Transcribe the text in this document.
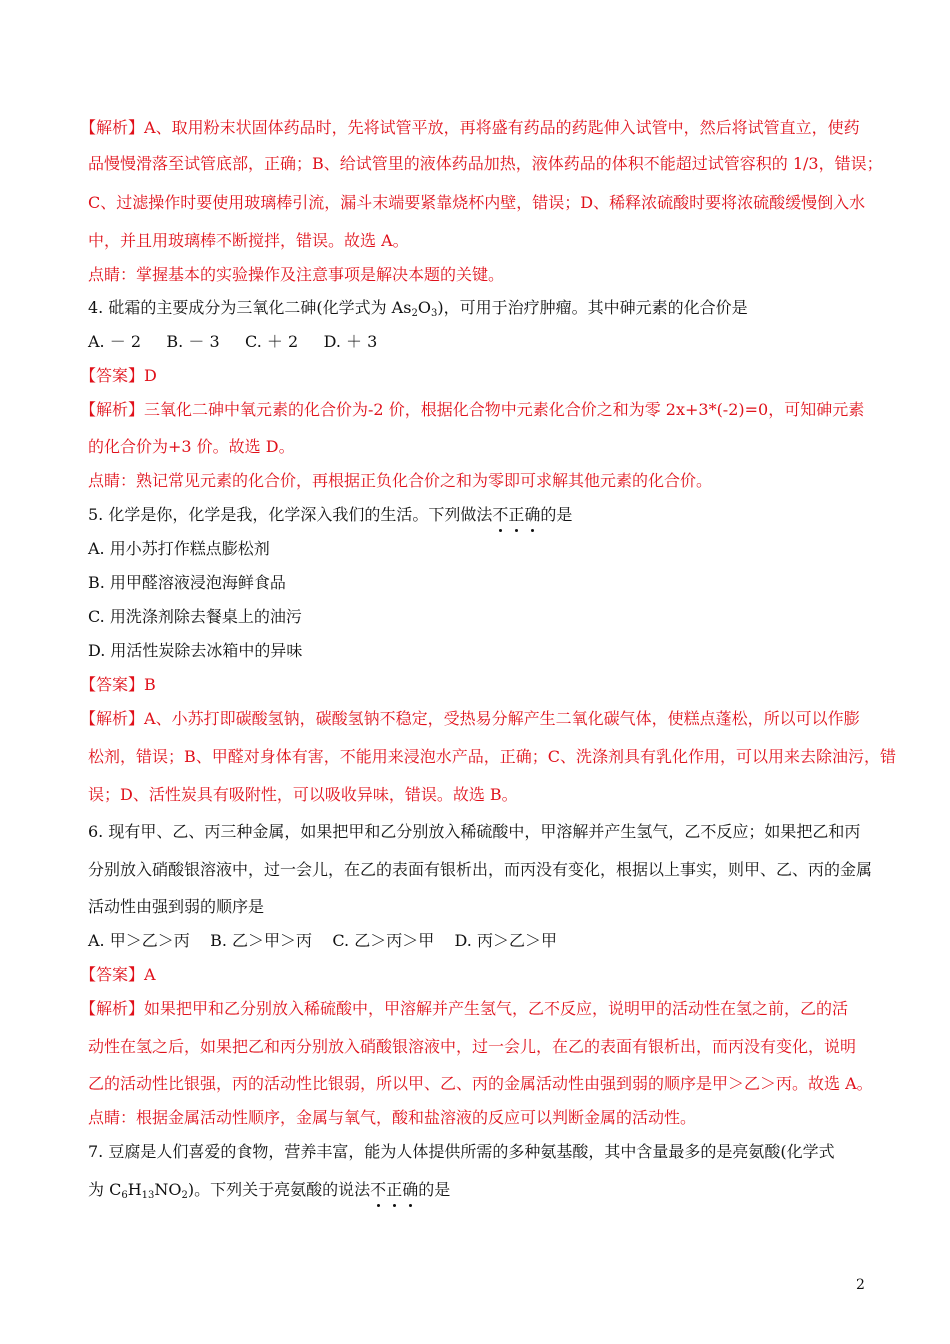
【解析】A、取用粉末状固体药品时，先将试管平放，再将盛有药品的药匙伸入试管中，然后将试管直立，使药
品慢慢滑落至试管底部，正确；B、给试管里的液体药品加热，液体药品的体积不能超过试管容积的 1/3，错误；
C、过滤操作时要使用玻璃棒引流，漏斗末端要紧靠烧杯内壁，错误；D、稀释浓硫酸时要将浓硫酸缓慢倒入水
中，并且用玻璃棒不断搅拌，错误。故选 A。
点睛：掌握基本的实验操作及注意事项是解决本题的关键。
4. 砒霜的主要成分为三氧化二砷(化学式为 $As_2O_3$)，可用于治疗肿瘤。其中砷元素的化合价是
A. － 2     B. － 3     C. ＋ 2     D. ＋ 3
【答案】D
【解析】三氧化二砷中氧元素的化合价为-2 价，根据化合物中元素化合价之和为零 2x+3*(-2)=0，可知砷元素
的化合价为+3 价。故选 D。
点睛：熟记常见元素的化合价，再根据正负化合价之和为零即可求解其他元素的化合价。
5. 化学是你，化学是我，化学深入我们的生活。下列做法不正确的是
A. 用小苏打作糕点膨松剂
B. 用甲醛溶液浸泡海鲜食品
C. 用洗涤剂除去餐桌上的油污
D. 用活性炭除去冰箱中的异味
【答案】B
【解析】A、小苏打即碳酸氢钠，碳酸氢钠不稳定，受热易分解产生二氧化碳气体，使糕点蓬松，所以可以作膨
松剂，错误；B、甲醛对身体有害，不能用来浸泡水产品，正确；C、洗涤剂具有乳化作用，可以用来去除油污，错
误；D、活性炭具有吸附性，可以吸收异味，错误。故选 B。
6. 现有甲、乙、丙三种金属，如果把甲和乙分别放入稀硫酸中，甲溶解并产生氢气，乙不反应；如果把乙和丙
分别放入硝酸银溶液中，过一会儿，在乙的表面有银析出，而丙没有变化，根据以上事实，则甲、乙、丙的金属
活动性由强到弱的顺序是
A. 甲＞乙＞丙    B. 乙＞甲＞丙    C. 乙＞丙＞甲    D. 丙＞乙＞甲
【答案】A
【解析】如果把甲和乙分别放入稀硫酸中，甲溶解并产生氢气，乙不反应，说明甲的活动性在氢之前，乙的活
动性在氢之后，如果把乙和丙分别放入硝酸银溶液中，过一会儿，在乙的表面有银析出，而丙没有变化，说明
乙的活动性比银强，丙的活动性比银弱，所以甲、乙、丙的金属活动性由强到弱的顺序是甲＞乙＞丙。故选 A。
点睛：根据金属活动性顺序，金属与氧气，酸和盐溶液的反应可以判断金属的活动性。
7. 豆腐是人们喜爱的食物，营养丰富，能为人体提供所需的多种氨基酸，其中含量最多的是亮氨酸(化学式
为 $C_6H_{13}NO_2$)。下列关于亮氨酸的说法不正确的是
2
